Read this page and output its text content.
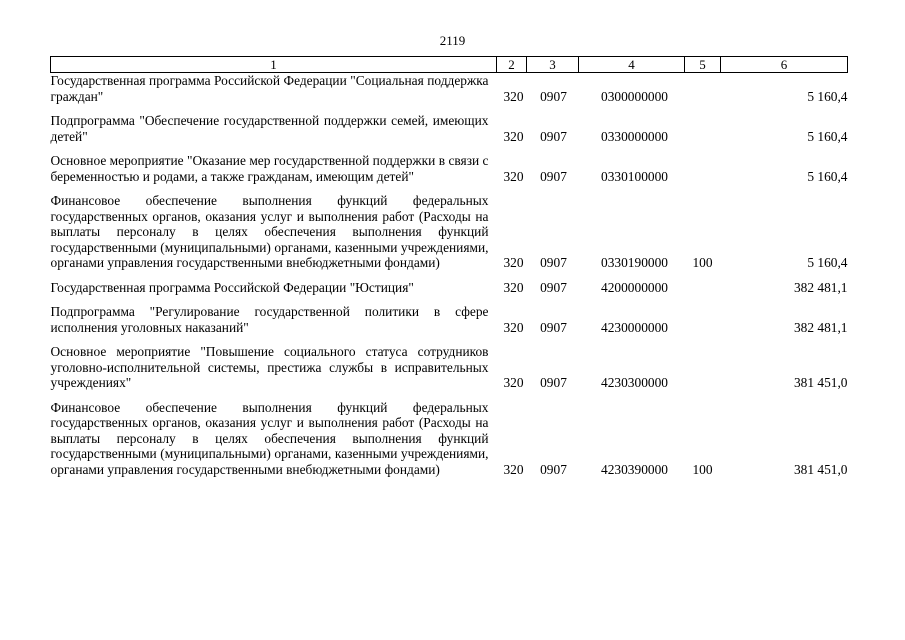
2119
1	2	3	4	5	6
Государственная программа Российской Федерации "Социальная поддержка граждан"	320	0907	0300000000		5 160,4

Подпрограмма "Обеспечение государственной поддержки семей, имеющих детей"	320	0907	0330000000		5 160,4

Основное мероприятие "Оказание мер государственной поддержки в связи с беременностью и родами, а также гражданам, имеющим детей"	320	0907	0330100000		5 160,4

Финансовое обеспечение выполнения функций федеральных государственных органов, оказания услуг и выполнения работ (Расходы на выплаты персоналу в целях обеспечения выполнения функций государственными (муниципальными) органами, казенными учреждениями, органами управления государственными внебюджетными фондами)	320	0907	0330190000	100	5 160,4

Государственная программа Российской Федерации "Юстиция"	320	0907	4200000000		382 481,1

Подпрограмма "Регулирование государственной политики в сфере исполнения уголовных наказаний"	320	0907	4230000000		382 481,1

Основное мероприятие "Повышение социального статуса сотрудников уголовно-исполнительной системы, престижа службы в исправительных учреждениях"	320	0907	4230300000		381 451,0

Финансовое обеспечение выполнения функций федеральных государственных органов, оказания услуг и выполнения работ (Расходы на выплаты персоналу в целях обеспечения выполнения функций государственными (муниципальными) органами, казенными учреждениями, органами управления государственными внебюджетными фондами)	320	0907	4230390000	100	381 451,0
